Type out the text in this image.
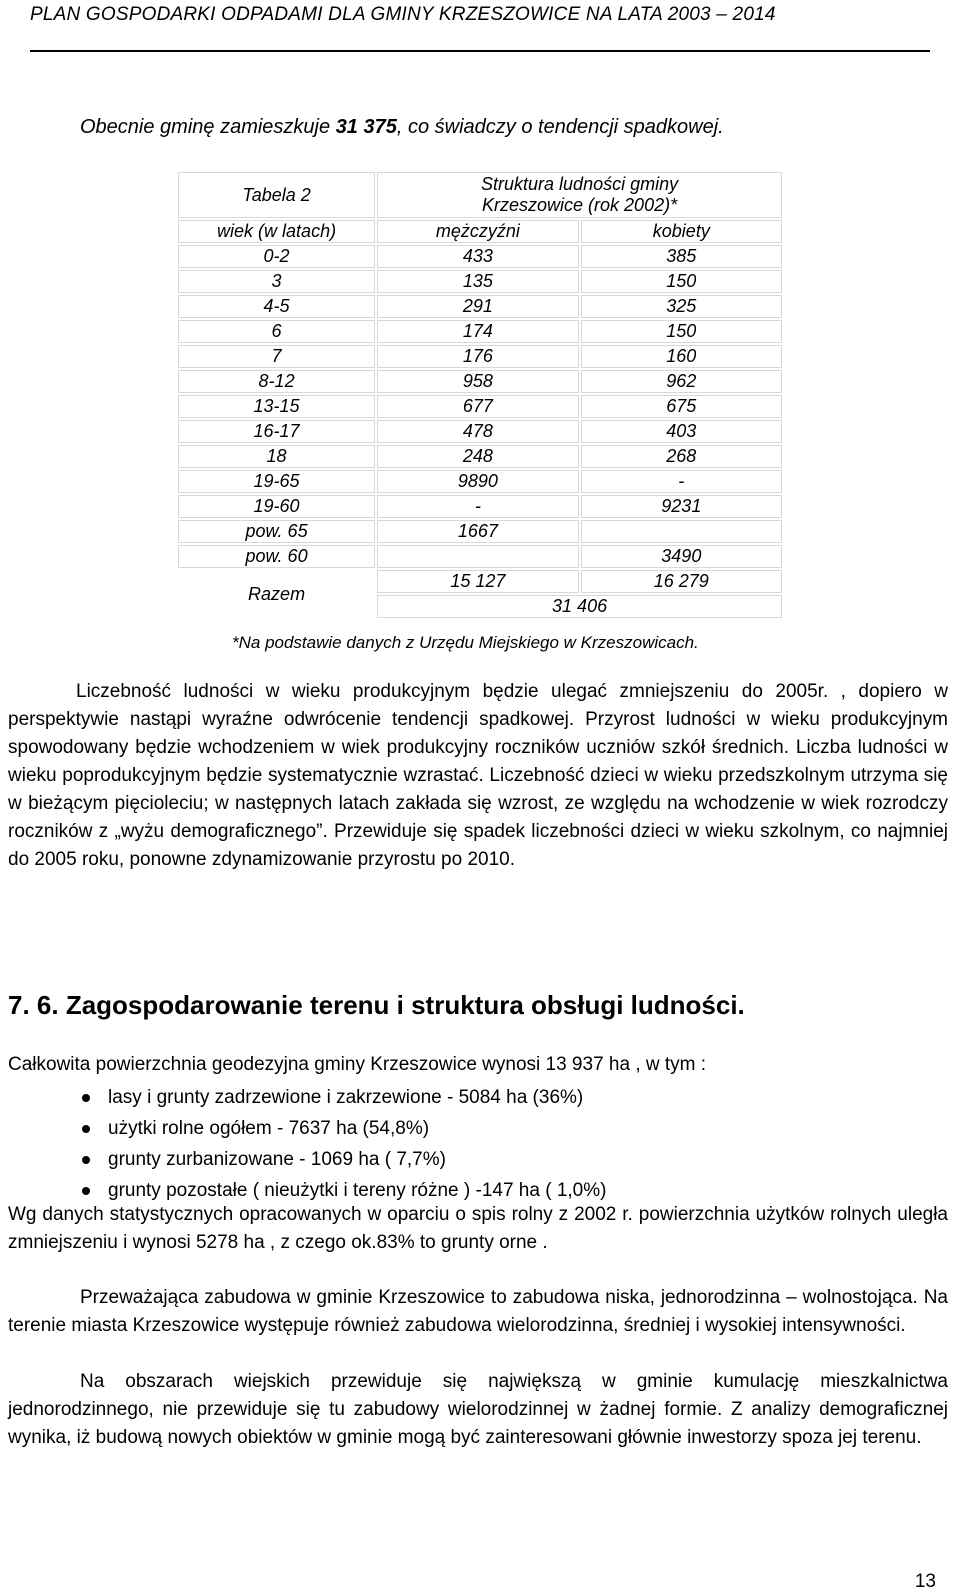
PLAN GOSPODARKI ODPADAMI DLA GMINY KRZESZOWICE NA LATA 2003 – 2014
Obecnie gminę zamieszkuje 31 375, co świadczy o tendencji spadkowej.
Tabela 2	Struktura ludności gminy Krzeszowice (rok 2002)*	
wiek (w latach)	mężczyźni	kobiety
0-2	433	385
3	135	150
4-5	291	325
6	174	150
7	176	160
8-12	958	962
13-15	677	675
16-17	478	403
18	248	268
19-65	9890	-
19-60	-	9231
pow. 65	1667	
pow. 60		3490
Razem	15 127	16 279
	31 406	
*Na podstawie danych z Urzędu Miejskiego w Krzeszowicach.
Liczebność ludności w wieku produkcyjnym będzie ulegać zmniejszeniu do 2005r. , dopiero w perspektywie nastąpi wyraźne odwrócenie tendencji spadkowej. Przyrost ludności w wieku produkcyjnym spowodowany będzie wchodzeniem w wiek produkcyjny roczników uczniów szkół średnich. Liczba ludności w wieku poprodukcyjnym będzie systematycznie wzrastać. Liczebność dzieci w wieku przedszkolnym utrzyma się w bieżącym pięcioleciu; w następnych latach zakłada się wzrost, ze względu na wchodzenie w wiek rozrodczy roczników z „wyżu demograficznego”. Przewiduje się spadek liczebności dzieci w wieku szkolnym, co najmniej do 2005 roku, ponowne zdynamizowanie przyrostu po 2010.
7. 6. Zagospodarowanie terenu i struktura obsługi ludności.
Całkowita powierzchnia geodezyjna gminy Krzeszowice wynosi 13 937 ha , w tym :
lasy i grunty zadrzewione i zakrzewione - 5084 ha (36%)
użytki rolne ogółem - 7637 ha (54,8%)
grunty zurbanizowane - 1069 ha ( 7,7%)
grunty pozostałe ( nieużytki i tereny różne ) -147 ha ( 1,0%)
Wg danych statystycznych opracowanych w oparciu o spis rolny z 2002 r. powierzchnia użytków rolnych uległa zmniejszeniu i wynosi 5278 ha , z czego ok.83% to grunty orne .
Przeważająca zabudowa w gminie Krzeszowice to zabudowa niska, jednorodzinna – wolnostojąca. Na terenie miasta Krzeszowice występuje również zabudowa wielorodzinna, średniej i wysokiej intensywności.
Na obszarach wiejskich przewiduje się największą w gminie kumulację mieszkalnictwa jednorodzinnego, nie przewiduje się tu zabudowy wielorodzinnej w żadnej formie. Z analizy demograficznej wynika, iż budową nowych obiektów w gminie mogą być zainteresowani głównie inwestorzy spoza jej terenu.
13
